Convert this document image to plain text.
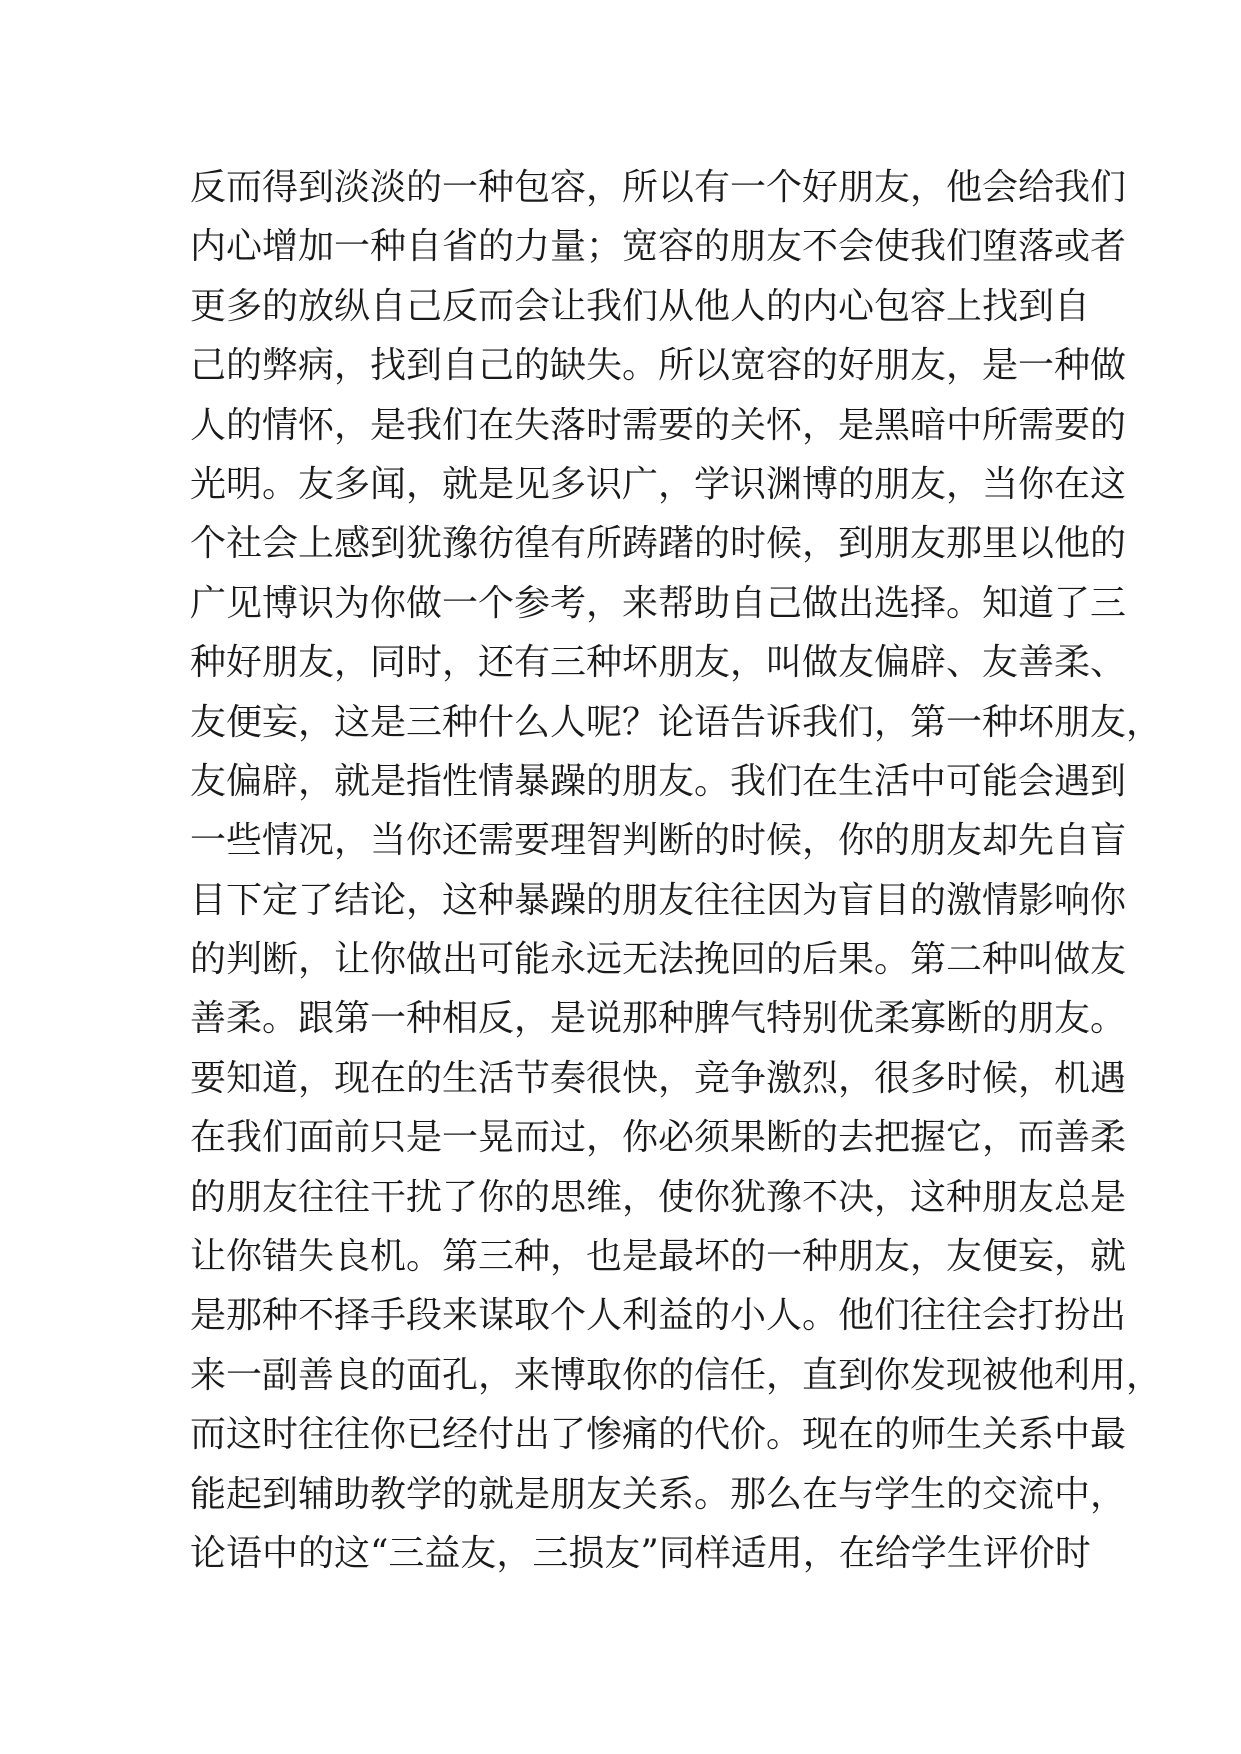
反而得到淡淡的一种包容，所以有一个好朋友，他会给我们
内心增加一种自省的力量；宽容的朋友不会使我们堕落或者
更多的放纵自己反而会让我们从他人的内心包容上找到自
己的弊病，找到自己的缺失。所以宽容的好朋友，是一种做
人的情怀，是我们在失落时需要的关怀，是黑暗中所需要的
光明。友多闻，就是见多识广，学识渊博的朋友，当你在这
个社会上感到犹豫彷徨有所踌躇的时候，到朋友那里以他的
广见博识为你做一个参考，来帮助自己做出选择。知道了三
种好朋友，同时，还有三种坏朋友，叫做友偏辟、友善柔、
友便妄，这是三种什么人呢？论语告诉我们，第一种坏朋友，
友偏辟，就是指性情暴躁的朋友。我们在生活中可能会遇到
一些情况，当你还需要理智判断的时候，你的朋友却先自盲
目下定了结论，这种暴躁的朋友往往因为盲目的激情影响你
的判断，让你做出可能永远无法挽回的后果。第二种叫做友
善柔。跟第一种相反，是说那种脾气特别优柔寡断的朋友。
要知道，现在的生活节奏很快，竞争激烈，很多时候，机遇
在我们面前只是一晃而过，你必须果断的去把握它，而善柔
的朋友往往干扰了你的思维，使你犹豫不决，这种朋友总是
让你错失良机。第三种，也是最坏的一种朋友，友便妄，就
是那种不择手段来谋取个人利益的小人。他们往往会打扮出
来一副善良的面孔，来博取你的信任，直到你发现被他利用，
而这时往往你已经付出了惨痛的代价。现在的师生关系中最
能起到辅助教学的就是朋友关系。那么在与学生的交流中，
论语中的这“三益友，三损友”同样适用，在给学生评价时
